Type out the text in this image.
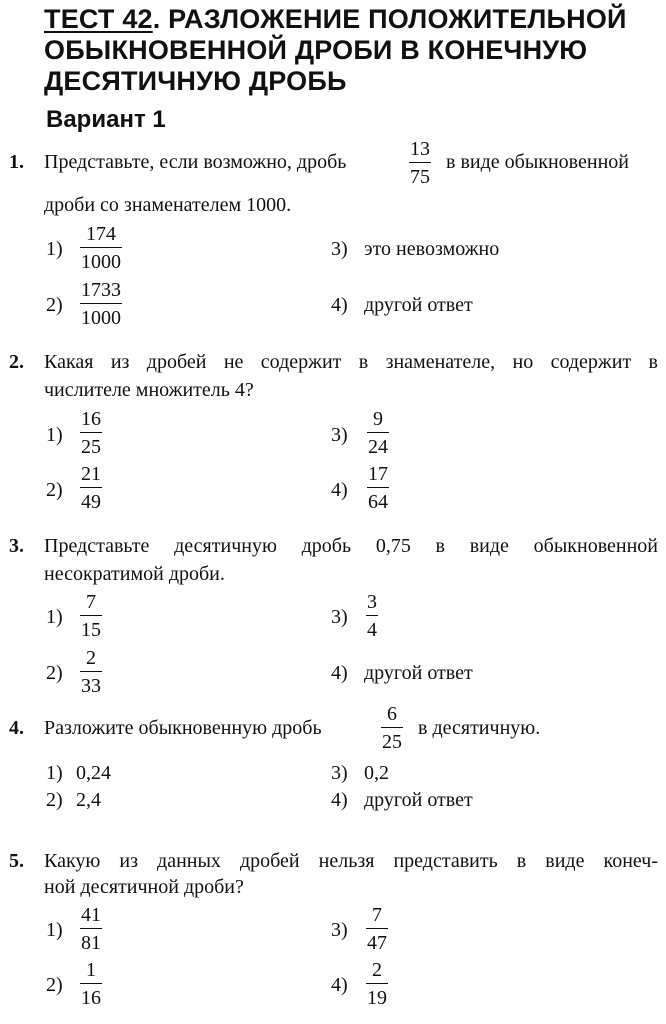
ТЕСТ 42. РАЗЛОЖЕНИЕ ПОЛОЖИТЕЛЬНОЙ
ОБЫКНОВЕННОЙ ДРОБИ В КОНЕЧНУЮ
ДЕСЯТИЧНУЮ ДРОБЬ
Вариант 1
1. Представьте, если возможно, дробь	$\frac{13}{75}$ в виде обыкновенной
дроби со знаменателем 1000.
$1) \frac{174}{1000}$
$2) \frac{1733}{1000}$
3) это невозможно
4) другой ответ
2. Какая из дробей не содержит в знаменателе, но содержит в
числителе множитель 4?
$1) \frac{16}{25}$
$2) \frac{21}{49}$
$3) \frac{9}{24}$
$4) \frac{17}{64}$
3. Представьте десятичную дробь 0,75 в виде обыкновенной
несократимой дроби.
$1) \frac{7}{15}$
$2) \frac{2}{33}$
$3) \frac{3}{4}$
4) другой ответ
4. Разложите обыкновенную дробь	$\frac{6}{25}$ в десятичную.
1) 0,24
2) 2,4
3) 0,2
4) другой ответ
5. Какую из данных дробей нельзя представить в виде конеч-
ной десятичной дроби?
$1) \frac{41}{81}$
$2) \frac{1}{16}$
$3) \frac{7}{47}$
$4) \frac{2}{19}$
